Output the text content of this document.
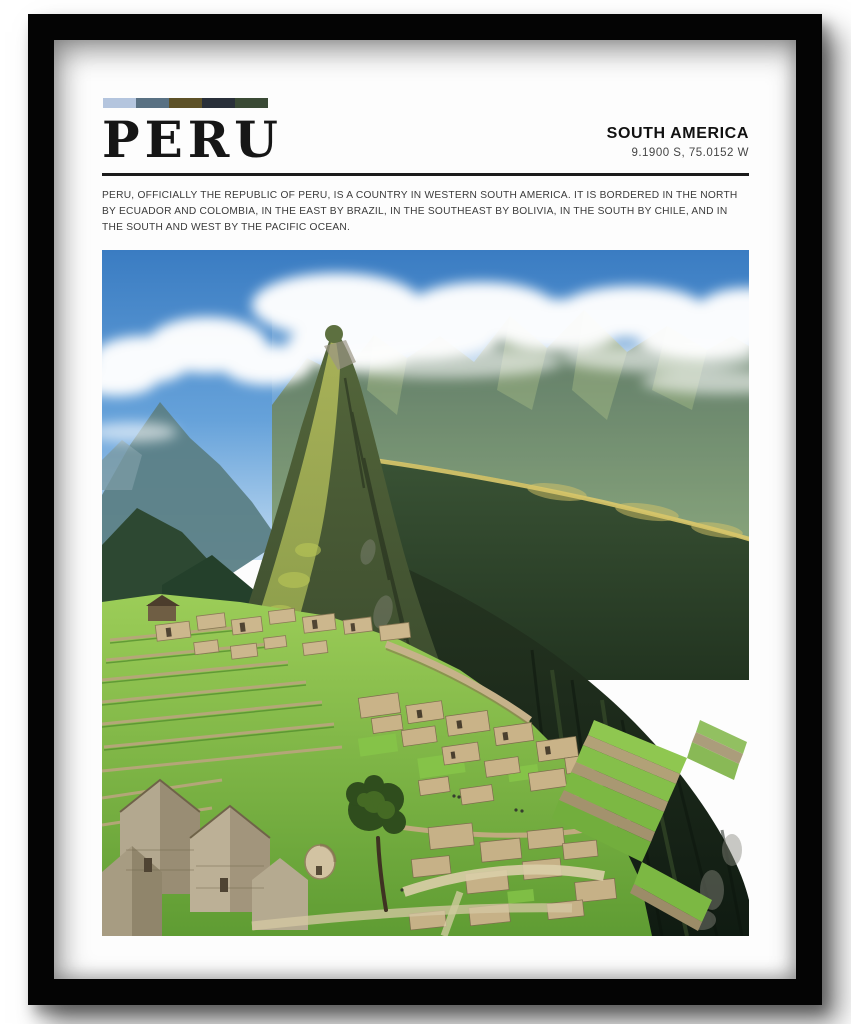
PERU	SOUTH AMERICA
9.1900 S, 75.0152 W

PERU, OFFICIALLY THE REPUBLIC OF PERU, IS A COUNTRY IN WESTERN SOUTH AMERICA. IT IS BORDERED IN THE NORTH BY ECUADOR AND COLOMBIA, IN THE EAST BY BRAZIL, IN THE SOUTHEAST BY BOLIVIA, IN THE SOUTH BY CHILE, AND IN THE SOUTH AND WEST BY THE PACIFIC OCEAN.
